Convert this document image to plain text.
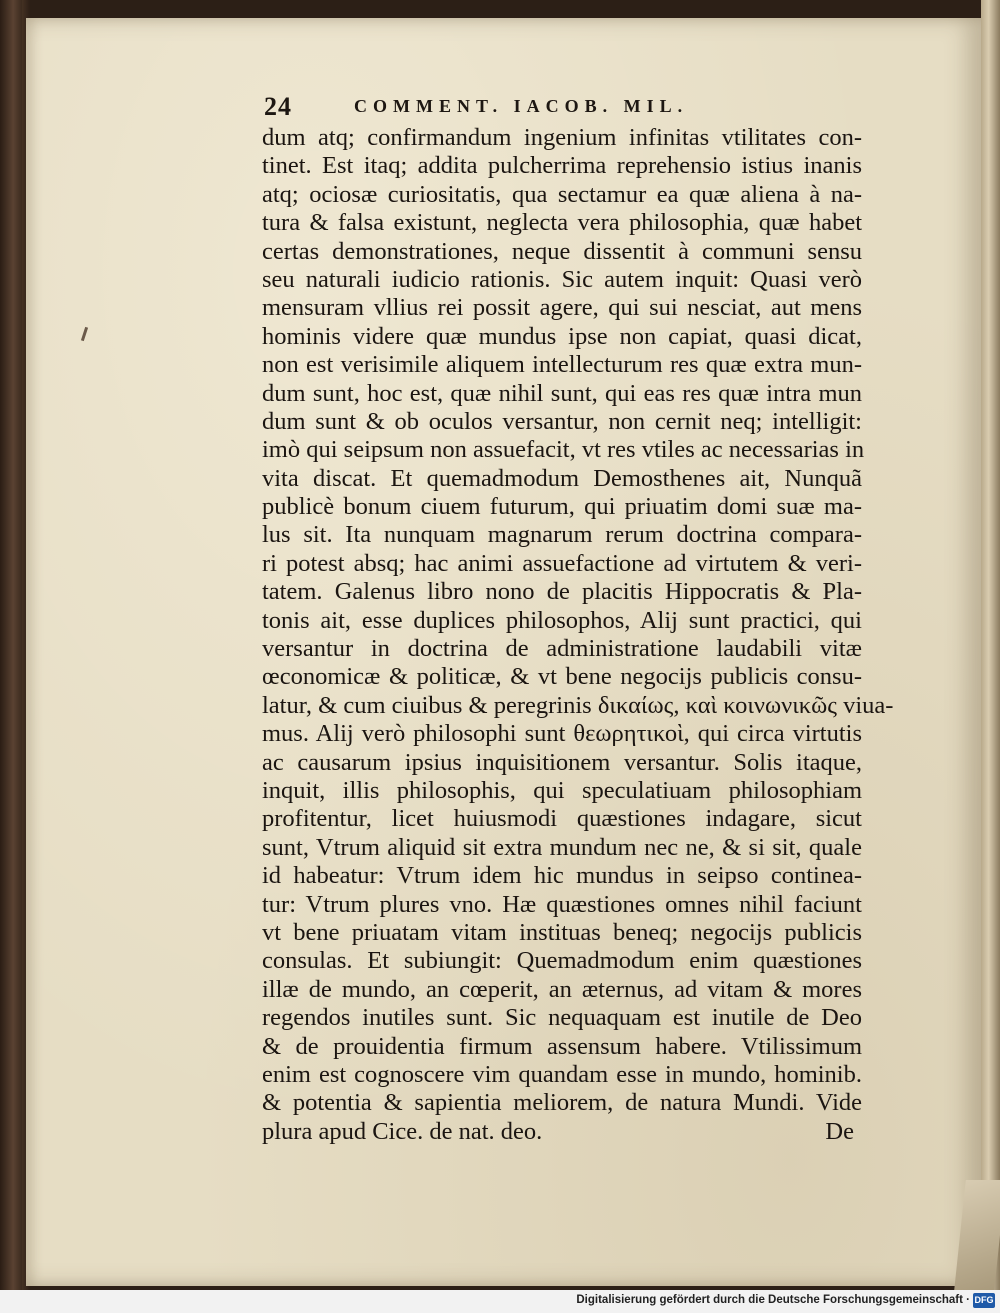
24	COMMENT. IACOB. MIL.
dum atq; confirmandum ingenium infinitas vtilitates con-
tinet. Est itaq; addita pulcherrima reprehensio istius inanis
atq; ociosæ curiositatis, qua sectamur ea quæ aliena à na-
tura & falsa existunt, neglecta vera philosophia, quæ habet
certas demonstrationes, neque dissentit à communi sensu
seu naturali iudicio rationis. Sic autem inquit: Quasi verò
mensuram vllius rei possit agere, qui sui nesciat, aut mens
hominis videre quæ mundus ipse non capiat, quasi dicat,
non est verisimile aliquem intellecturum res quæ extra mun-
dum sunt, hoc est, quæ nihil sunt, qui eas res quæ intra mun
dum sunt & ob oculos versantur, non cernit neq; intelligit:
imò qui seipsum non assuefacit, vt res vtiles ac necessarias in
vita discat. Et quemadmodum Demosthenes ait, Nunquã
publicè bonum ciuem futurum, qui priuatim domi suæ ma-
lus sit. Ita nunquam magnarum rerum doctrina compara-
ri potest absq; hac animi assuefactione ad virtutem & veri-
tatem. Galenus libro nono de placitis Hippocratis & Pla-
tonis ait, esse duplices philosophos, Alij sunt practici, qui
versantur in doctrina de administratione laudabili vitæ
œconomicæ & politicæ, & vt bene negocijs publicis consu-
latur, & cum ciuibus & peregrinis δικαίως, καὶ κοινωνικῶς viua-
mus. Alij verò philosophi sunt θεωρητικοὶ, qui circa virtutis
ac causarum ipsius inquisitionem versantur. Solis itaque,
inquit, illis philosophis, qui speculatiuam philosophiam
profitentur, licet huiusmodi quæstiones indagare, sicut
sunt, Vtrum aliquid sit extra mundum nec ne, & si sit, quale
id habeatur: Vtrum idem hic mundus in seipso continea-
tur: Vtrum plures vno. Hæ quæstiones omnes nihil faciunt
vt bene priuatam vitam instituas beneq; negocijs publicis
consulas. Et subiungit: Quemadmodum enim quæstiones
illæ de mundo, an cœperit, an æternus, ad vitam & mores
regendos inutiles sunt. Sic nequaquam est inutile de Deo
& de prouidentia firmum assensum habere. Vtilissimum
enim est cognoscere vim quandam esse in mundo, hominib.
& potentia & sapientia meliorem, de natura Mundi. Vide
plura apud Cice. de nat. deo.	De
Digitalisierung gefördert durch die Deutsche Forschungsgemeinschaft · DFG
